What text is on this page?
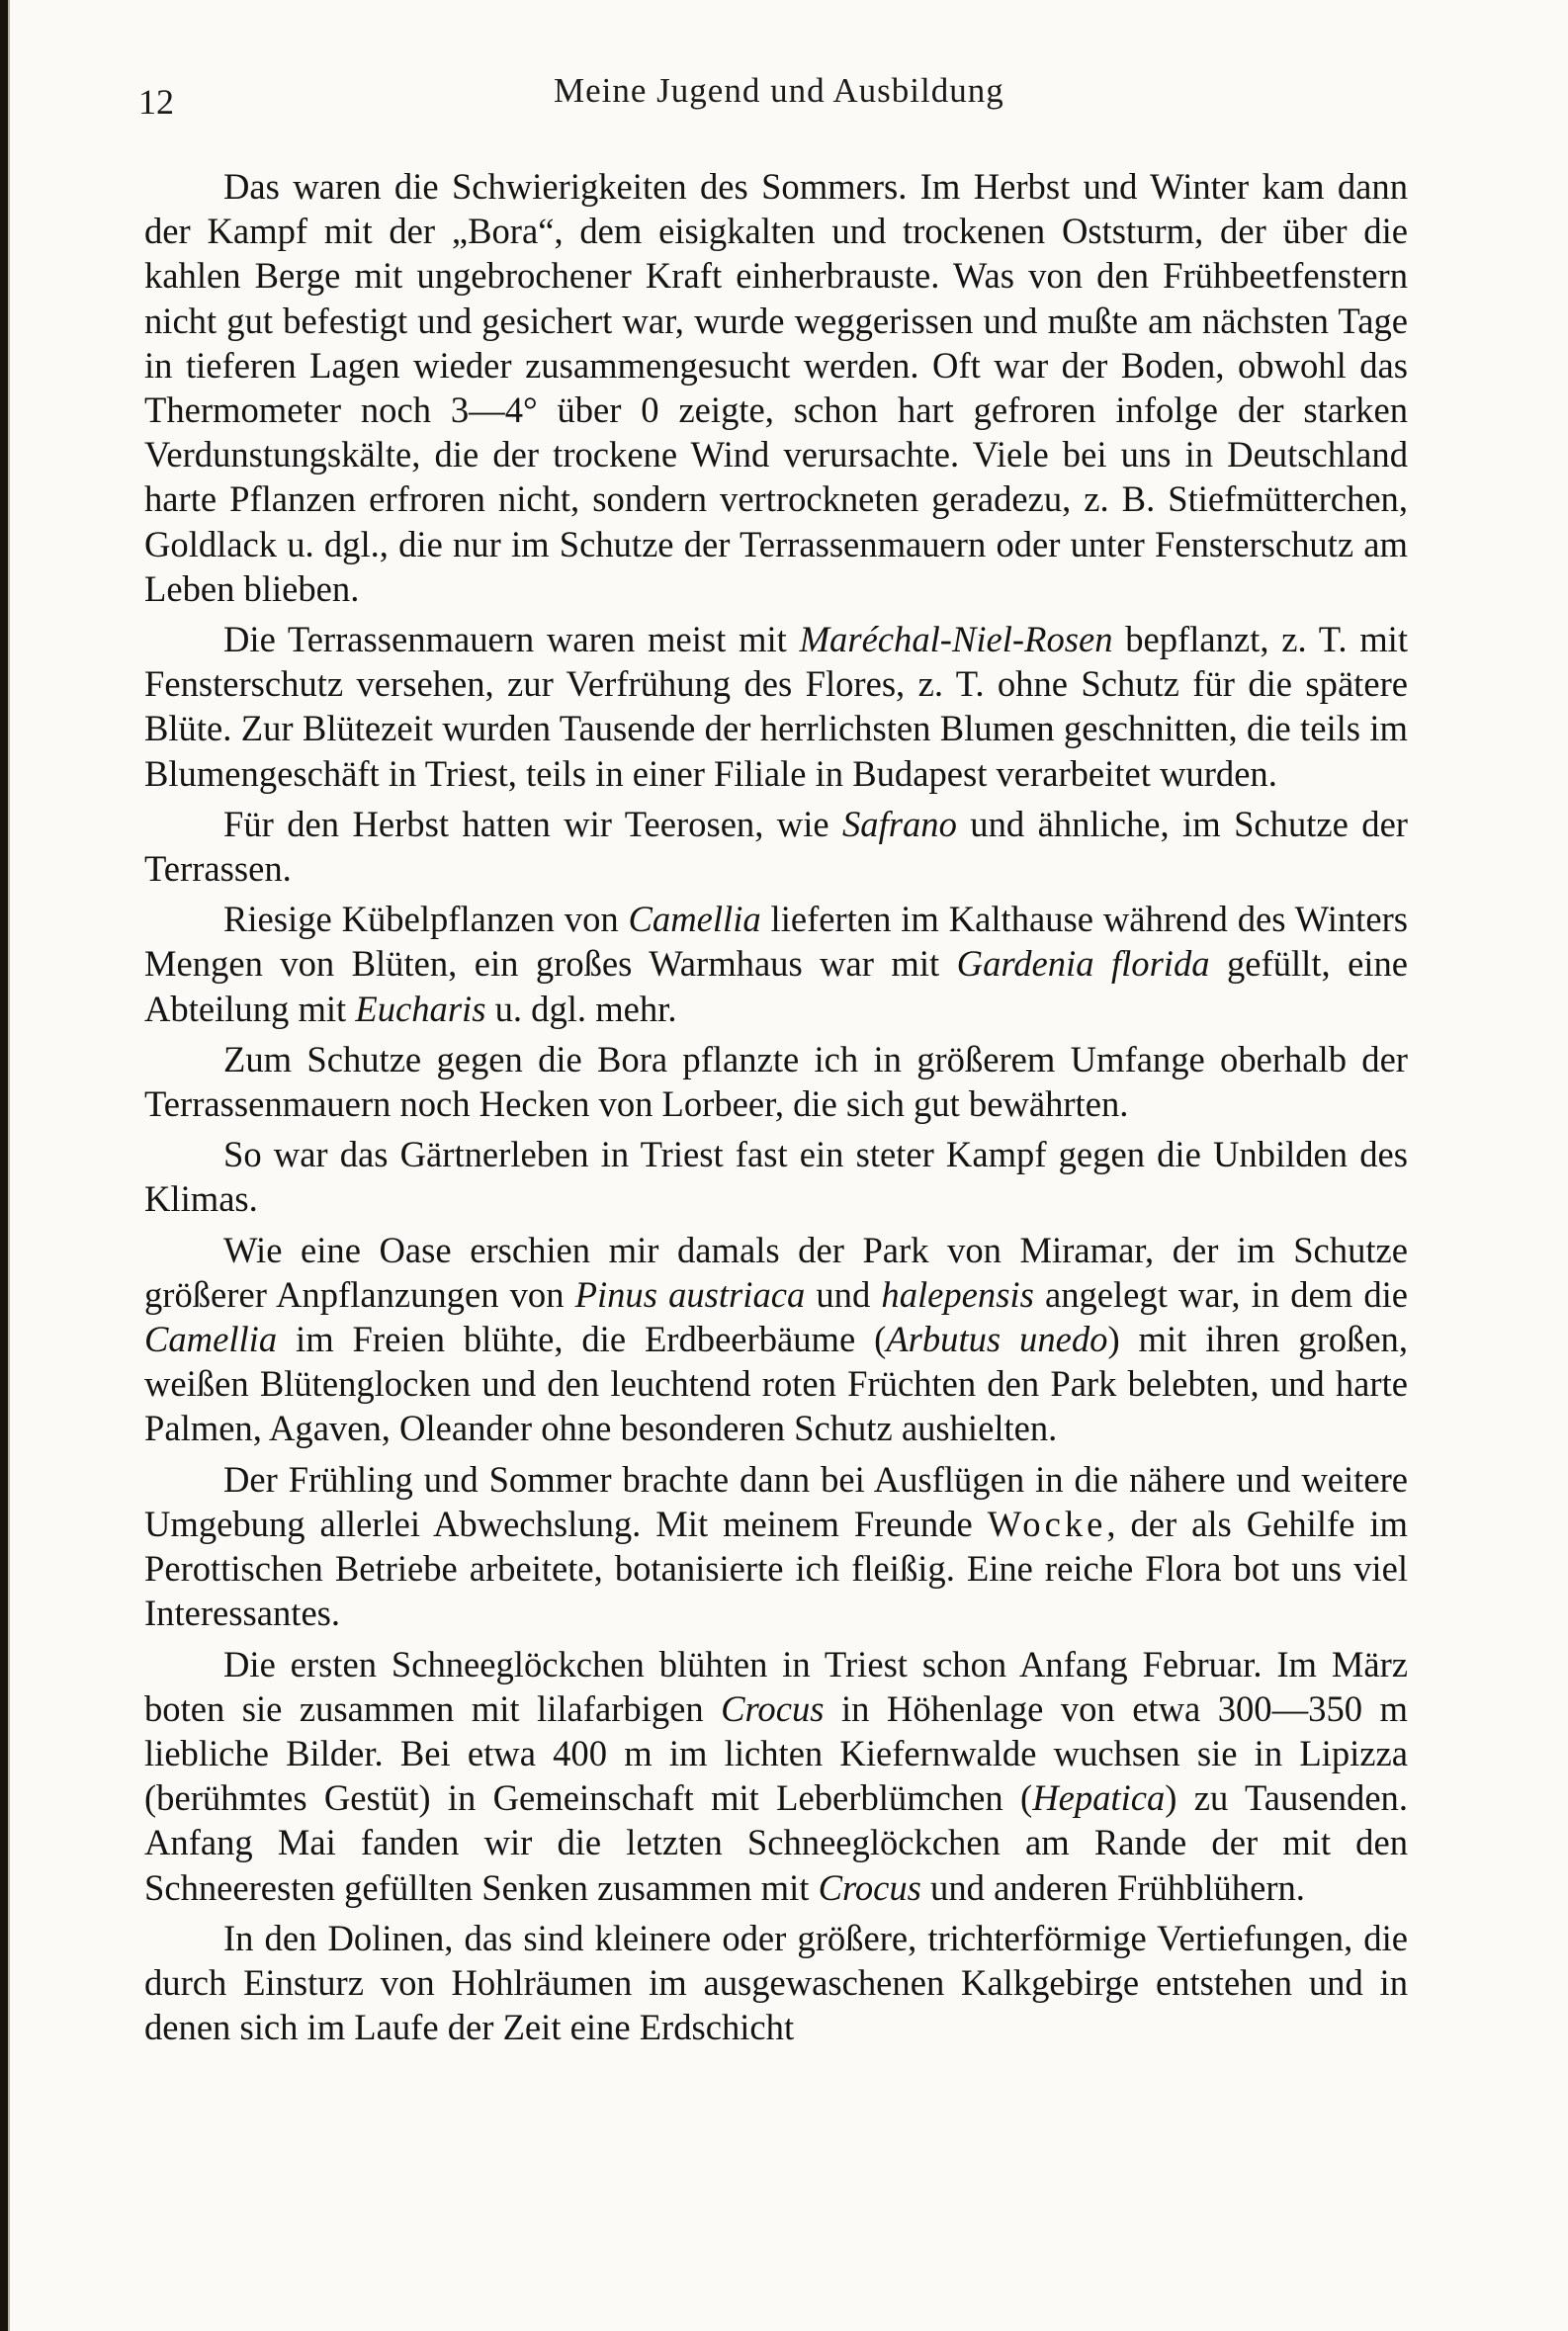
12	Meine Jugend und Ausbildung

Das waren die Schwierigkeiten des Sommers. Im Herbst und Winter kam dann der Kampf mit der „Bora“, dem eisigkalten und trockenen Oststurm, der über die kahlen Berge mit ungebrochener Kraft einherbrauste. Was von den Frühbeetfenstern nicht gut befestigt und gesichert war, wurde weggerissen und mußte am nächsten Tage in tieferen Lagen wieder zusammengesucht werden. Oft war der Boden, obwohl das Thermometer noch 3—4° über 0 zeigte, schon hart gefroren infolge der starken Verdunstungskälte, die der trockene Wind verursachte. Viele bei uns in Deutschland harte Pflanzen erfroren nicht, sondern vertrockneten geradezu, z. B. Stiefmütterchen, Goldlack u. dgl., die nur im Schutze der Terrassenmauern oder unter Fensterschutz am Leben blieben.

Die Terrassenmauern waren meist mit Maréchal-Niel-Rosen bepflanzt, z. T. mit Fensterschutz versehen, zur Verfrühung des Flores, z. T. ohne Schutz für die spätere Blüte. Zur Blütezeit wurden Tausende der herrlichsten Blumen geschnitten, die teils im Blumengeschäft in Triest, teils in einer Filiale in Budapest verarbeitet wurden.

Für den Herbst hatten wir Teerosen, wie Safrano und ähnliche, im Schutze der Terrassen.

Riesige Kübelpflanzen von Camellia lieferten im Kalthause während des Winters Mengen von Blüten, ein großes Warmhaus war mit Gardenia florida gefüllt, eine Abteilung mit Eucharis u. dgl. mehr.

Zum Schutze gegen die Bora pflanzte ich in größerem Umfange oberhalb der Terrassenmauern noch Hecken von Lorbeer, die sich gut bewährten.

So war das Gärtnerleben in Triest fast ein steter Kampf gegen die Unbilden des Klimas.

Wie eine Oase erschien mir damals der Park von Miramar, der im Schutze größerer Anpflanzungen von Pinus austriaca und halepensis angelegt war, in dem die Camellia im Freien blühte, die Erdbeerbäume (Arbutus unedo) mit ihren großen, weißen Blütenglocken und den leuchtend roten Früchten den Park belebten, und harte Palmen, Agaven, Oleander ohne besonderen Schutz aushielten.

Der Frühling und Sommer brachte dann bei Ausflügen in die nähere und weitere Umgebung allerlei Abwechslung. Mit meinem Freunde Wocke, der als Gehilfe im Perottischen Betriebe arbeitete, botanisierte ich fleißig. Eine reiche Flora bot uns viel Interessantes.

Die ersten Schneeglöckchen blühten in Triest schon Anfang Februar. Im März boten sie zusammen mit lilafarbigen Crocus in Höhenlage von etwa 300—350 m liebliche Bilder. Bei etwa 400 m im lichten Kiefernwalde wuchsen sie in Lipizza (berühmtes Gestüt) in Gemeinschaft mit Leberblümchen (Hepatica) zu Tausenden. Anfang Mai fanden wir die letzten Schneeglöckchen am Rande der mit den Schneeresten gefüllten Senken zusammen mit Crocus und anderen Frühblühern.

In den Dolinen, das sind kleinere oder größere, trichterförmige Vertiefungen, die durch Einsturz von Hohlräumen im ausgewaschenen Kalkgebirge entstehen und in denen sich im Laufe der Zeit eine Erdschicht
